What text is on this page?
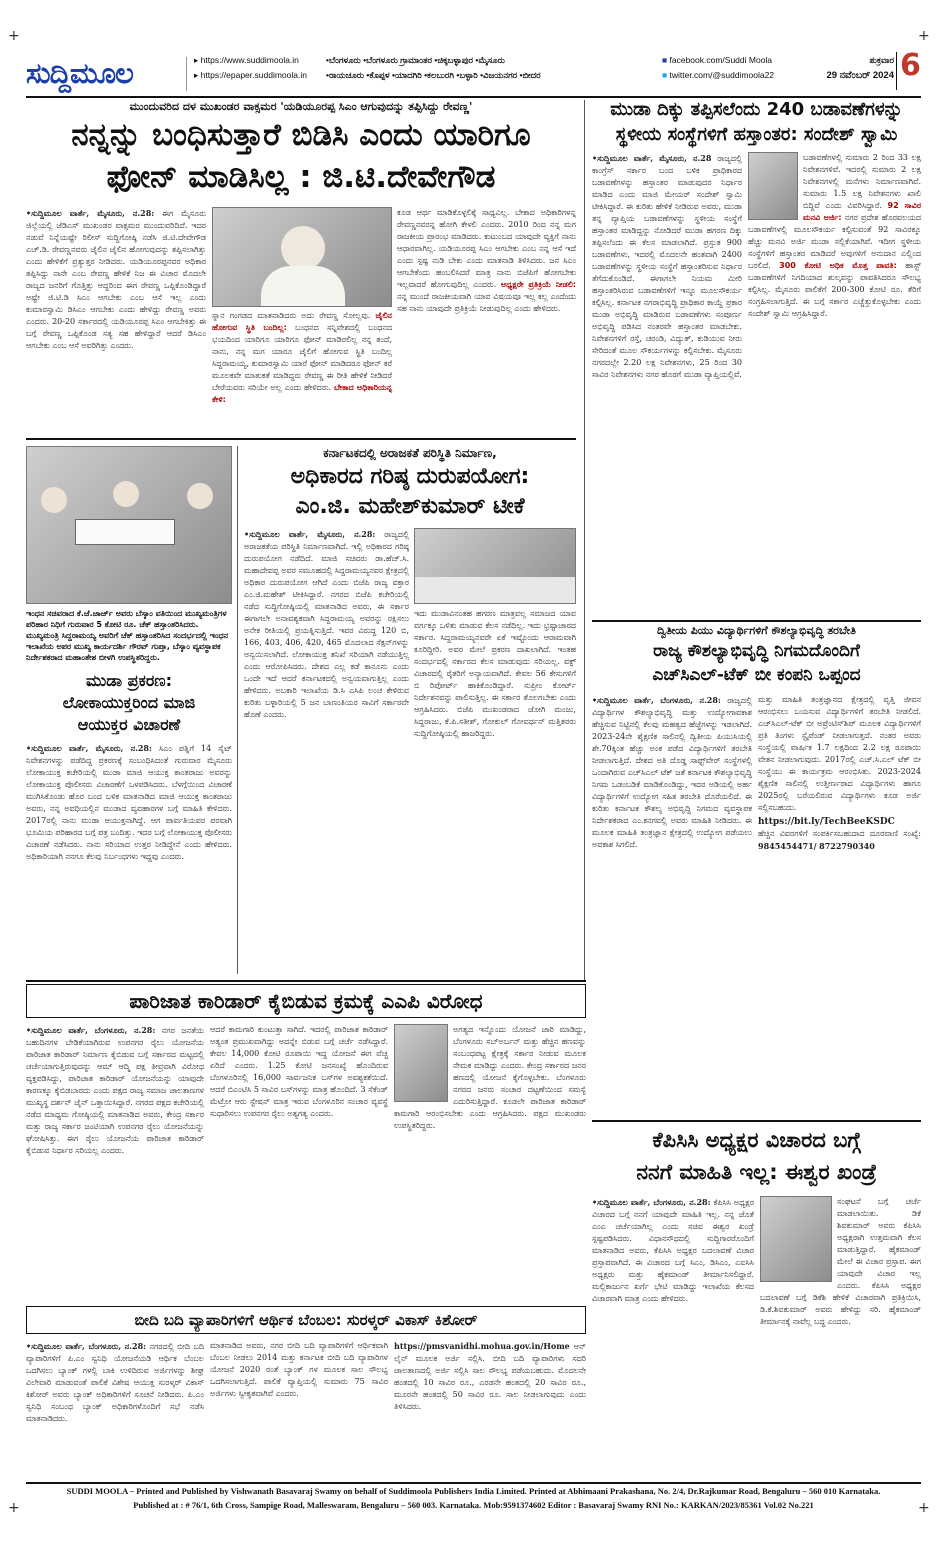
+	+
+	+
ಸುದ್ದಿಮೂಲ	▸ https://www.suddimoola.in
▸ https://epaper.suddimoola.in
•ಬೆಂಗಳೂರು •ಬೆಂಗಳೂರು ಗ್ರಾಮಾಂತರ •ಚಿಕ್ಕಬಳ್ಳಾಪುರ •ಮೈಸೂರು
•ರಾಯಚೂರು •ಕೊಪ್ಪಳ •ಯಾದಗಿರಿ •ಕಲಬುರಗಿ •ಬಳ್ಳಾರಿ •ವಿಜಯನಗರ •ಬೀದರ
■ facebook.com/Suddi Moola
■ twitter.com/@suddimoola22
ಶುಕ್ರವಾರ
29 ನವೆಂಬರ್ 2024 6
ಮುಂದುವರಿದ ದಳ ಮುಖಂಡರ ವಾಕ್ಸಮರ 'ಯಡಿಯೂರಪ್ಪ ಸಿಎಂ ಆಗುವುದನ್ನು ತಪ್ಪಿಸಿದ್ದು ರೇವಣ್ಣ'
ನನ್ನನ್ನು ಬಂಧಿಸುತ್ತಾರೆ ಬಿಡಿಸಿ ಎಂದು ಯಾರಿಗೂ
ಫೋನ್ ಮಾಡಿಸಿಲ್ಲ : ಜಿ.ಟಿ.ದೇವೇಗೌಡ
•ಸುದ್ದಿಮೂಲ ವಾರ್ತೆ, ಮೈಸೂರು, ನ.28: ಈಗ ಮೈಸೂರು ಜಿಲ್ಲೆಯಲ್ಲಿ ಜೆಡಿಎಸ್ ಮುಖಂಡರ ವಾಕ್ಸಮರ ಮುಂದುವರಿದಿದೆ. ಇದರ ನಡುವೆ ನಿನ್ನೆಯಷ್ಟೇ ರಿಲೀಸ್ ಸುದ್ದಿಗೋಷ್ಠಿ ನಡೆಸಿ ಜಿ.ಟಿ.ದೇವೇಗೌಡ ಎಚ್.ಡಿ. ರೇವಣ್ಣನವರು ಜೈಲಿನ ಜೈಲಿನ ಹೋಗುವುದನ್ನು ತಪ್ಪಿಸಲಾಗಿತ್ತು ಎಂದು ಹೇಳಿಕೆಗೆ ಪ್ರತ್ಯುತ್ತರ ನೀಡಿದರು. ಯಡಿಯೂರಪ್ಪನವರ ಅಧಿಕಾರ ತಪ್ಪಿಸಿದ್ದು ನಾನೇ ಎಂಬ ರೇವಣ್ಣ ಹೇಳಿಕೆ ನಿಜ ಈ ವಿಚಾರ ಮೊದಲೇ ರಾಜ್ಯದ ಜನರಿಗೆ ಗೊತ್ತಿತ್ತು ಆದ್ದರಿಂದ ಈಗ ರೇವಣ್ಣ ಒಪ್ಪಿಕೊಂಡಿದ್ದಾರೆ ಅಷ್ಟೇ ಜಿ.ಟಿ.ಡಿ ಸಿಎಂ ಆಗಬೇಕು ಎಂಬ ಆಸೆ ಇಲ್ಲ ಎಂದು ಕುಮಾರಸ್ವಾಮಿ ಡಿಸಿಎಂ ಆಗಬೇಕು ಎಂದು ಹೇಳಿದ್ದು ರೇವಣ್ಣ ಅವರು ಎಂದರು. 20-20 ಸರ್ಕಾರದಲ್ಲಿ ಯಡಿಯೂರಪ್ಪ ಸಿಎಂ ಆಗಬೇಕಿತ್ತು ಈ ಬಗ್ಗೆ ರೇವಣ್ಣ ಒಪ್ಪಿಕೊಂಡ ಸತ್ಯ ಸಹ ಹೇಳಿದ್ದಾರೆ ಆದರೆ ಡಿಸಿಎಂ ಆಗಬೇಕು ಎಂಬ ಆಸೆ ಅವರಿಗಿತ್ತು ಎಂದರು.
ಸ್ನಾನ ಗಂಗಡದ ಮಾತನಾಡಿದರು ಅದು ರೇವಣ್ಣ ಸೋಲ್ಲವು. ಜೈಲಿನ ಹೋಗುವ ಸ್ಥಿತಿ ಬಂದಿಲ್ಲ: ಬಂಧನದ ಸನ್ನಿವೇಶದಲ್ಲಿ ಬಂಧನದ ಭಯದಿಂದ ಯಾರಿಗೂ ಯಾರಿಗೂ ಫೋನ್ ಮಾಡಿರಲಿಲ್ಲ ನನ್ನ ತಂದೆ, ನಾನು, ನನ್ನ ಮಗ ಯಾರೂ ಜೈಲಿಗೆ ಹೋಗುವ ಸ್ಥಿತಿ ಬಂದಿಲ್ಲ ಸಿದ್ದರಾಮಯ್ಯ, ಕುಮಾರಸ್ವಾಮಿ ಯಾರೆ ಫೋನ್ ಮಾಡಿದರೂ ಫೋನ್ ಕರೆ ಮೂಲಕವೇ ಮಾತುಕತೆ ಮಾಡಿದ್ದರು ರೇವಣ್ಣ ಈ ರೀತಿ ಹೇಳಿಕೆ ನೀಡಿದರೆ ಬೇರೆಯವರು ಸರಿಯೇ ಅಲ್ಲ ಎಂದು ಹೇಳಿದರು. ಬೇಕಾದ ಅಧಿಕಾರಿಯನ್ನ ಕೇಳಿ:
ಕೂಡ ಆರ್ಥ ಮಾಡಿಕೊಳ್ಳಲಿಕ್ಕೆ ಸಾಧ್ಯವಿಲ್ಲ. ಬೇಕಾದ ಅಧಿಕಾರಿಗಳನ್ನ ರೇವಣ್ಣನವರನ್ನ ಹೋಗಿ ಕೇಳಲಿ ಎಂದರು. 2010 ರಿಂದ ನನ್ನ ಮಗ ರಾಜಕೀಯ ಪ್ರಾರಂಭ ಮಾಡಿದರು. ಕುಟುಂಬದ ಯಾವುದೇ ವ್ಯಕ್ತಿಗೆ ನಾನು ಆಧಾರವಾಗಿಲ್ಲ. ಯಡಿಯೂರಪ್ಪ ಸಿಎಂ ಆಗಬೇಕು ಎಂಬ ನನ್ನ ಆಸೆ ಇದೆ ಎಂದು ಸ್ಪಷ್ಟ ನುಡಿ ಬೇಕು ಎಂದು ಮಾತನಾಡಿ ತಿಳಿಸಿದರು. ಜನ ಸಿಎಂ ಆಗಬೇಕೆಂದು ಹಂಬಲಿಸಿದರೆ ಮಾತ್ರ ನಾನು ಬಿಜೆಪಿಗೆ ಹೋಗಬೇಕು ಇಲ್ಲವಾದರೆ ಹೋಗುವುದಿಲ್ಲ ಎಂದರು. ಅಧ್ಯಕ್ಷರೇ ಪ್ರತಿಕ್ರಿಯೆ ನೀಡಲಿ: ನನ್ನ ಮುಂದೆ ರಾಜಕೀಯವಾಗಿ ಯಾವ ವಿಷಯವೂ ಇಲ್ಲ ಕಲ್ಲ ಎಂದೆಂದು ಸಹ ನಾನು ಯಾವುದೇ ಪ್ರತಿಕ್ರಿಯೆ ನೀಡುವುದಿಲ್ಲ ಎಂದು ಹೇಳಿದರು.
ಮುಡಾ ದಿಕ್ಕು ತಪ್ಪಿಸಲೆಂದು 240 ಬಡಾವಣೆಗಳನ್ನು
ಸ್ಥಳೀಯ ಸಂಸ್ಥೆಗಳಿಗೆ ಹಸ್ತಾಂತರ: ಸಂದೇಶ್ ಸ್ವಾಮಿ
•ಸುದ್ದಿಮೂಲ ವಾರ್ತೆ, ಮೈಸೂರು, ನ.28 ರಾಜ್ಯದಲ್ಲಿ ಕಾಂಗ್ರೆಸ್ ಸರ್ಕಾರ ಬಂದ ಬಳಿಕ ಪ್ರಾಧಿಕಾರದ ಬಡಾವಣೆಗಳನ್ನು ಹಸ್ತಾಂತರ ಮಾಡುವುದರ ನಿರ್ಧಾರ ಮಾಡಿದ ಎಂದು ಮಾಜಿ ಮೇಯರ್ ಸಂದೇಶ್ ಸ್ವಾಮಿ ಟೀಕಿಸಿದ್ದಾರೆ. ಈ ಕುರಿತು ಹೇಳಿಕೆ ನೀಡಿರುವ ಅವರು, ಮುಡಾ ತನ್ನ ವ್ಯಾಪ್ತಿಯ ಬಡಾವಣೆಗಳನ್ನು ಸ್ಥಳೀಯ ಸಂಸ್ಥೆಗೆ ಹಸ್ತಾಂತರ ಮಾಡಿದ್ದನ್ನು ನೋಡಿದರೆ ಮುಡಾ ಹಗರಣ ದಿಕ್ಕು ತಪ್ಪಿಸಲೆಂದು ಈ ಕೆಲಸ ಮಾಡಲಾಗಿದೆ. ಪ್ರಸ್ತುತ 900 ಬಡಾವಣೆಗಳು, ಇದರಲ್ಲಿ ಮೊದಲನೇ ಹಂತವಾಗಿ 2400 ಬಡಾವಣೆಗಳನ್ನು ಸ್ಥಳೀಯ ಸಂಸ್ಥೆಗೆ ಹಸ್ತಾಂತರಿಸುವ ನಿರ್ಧಾರ ತೆಗೆದುಕೊಂಡಿದೆ. ಈಗಾಗಲೇ ನಿಯಮ ಮೀರಿ ಹಸ್ತಾಂತರಿಸಿರುವ ಬಡಾವಣೆಗಳಿಗೆ ಇನ್ನೂ ಮೂಲಸೌಕರ್ಯ ಕಲ್ಪಿಸಿಲ್ಲ. ಕರ್ನಾಟಕ ನಗರಾಭಿವೃದ್ಧಿ ಪ್ರಾಧಿಕಾರ ಕಾಯ್ದೆ ಪ್ರಕಾರ ಮುಡಾ ಅಭಿವೃದ್ಧಿ ಮಾಡಿರುವ ಬಡಾವಣೆಗಳು ಸಂಪೂರ್ಣ ಅಭಿವೃದ್ಧಿ ಪಡಿಸಿದ ನಂತರವೇ ಹಸ್ತಾಂತರ ಮಾಡಬೇಕು. ನಿವೇಶನಗಳಿಗೆ ರಸ್ತೆ, ಚರಂಡಿ, ವಿದ್ಯುತ್, ಕುಡಿಯುವ ನೀರು ಸೇರಿದಂತೆ ಮೂಲ ಸೌಕರ್ಯಗಳನ್ನು ಕಲ್ಪಿಸಬೇಕು. ಮೈಸೂರು ನಗರದಲ್ಲೇ 2.20 ಲಕ್ಷ ನಿವೇಶನಗಳು, 25 ರಿಂದ 30 ಸಾವಿರ ನಿವೇಶನಗಳು ನಗರ ಹೊರಗೆ ಮುಡಾ ವ್ಯಾಪ್ತಿಯಲ್ಲಿವೆ.
ಬಡಾವಣೆಗಳಲ್ಲಿ ಸುಮಾರು 2 ರಿಂದ 33 ಲಕ್ಷ ನಿವೇಶನಗಳಿವೆ. ಇದರಲ್ಲಿ ಸುಮಾರು 2 ಲಕ್ಷ ನಿವೇಶನಗಳಲ್ಲಿ ಮನೆಗಳು ನಿರ್ಮಾಣವಾಗಿವೆ. ಸುಮಾರು 1.5 ಲಕ್ಷ ನಿವೇಶನಗಳು ಖಾಲಿ ಬಿದ್ದಿವೆ ಎಂದು ವಿವರಿಸಿದ್ದಾರೆ. 92 ಸಾವಿರ ಮನವಿ ಅರ್ಜಿ: ನಗರ ಪ್ರದೇಶ ಹೊರವಲಯದ ಬಡಾವಣೆಗಳಲ್ಲಿ ಮೂಲಸೌಕರ್ಯ ಕಲ್ಪಿಸುವಂತೆ 92 ಸಾವಿರಕ್ಕೂ ಹೆಚ್ಚು ಮನವಿ ಅರ್ಜಿ ಮುಡಾ ಸಲ್ಲಿಕೆಯಾಗಿವೆ. ಇದೀಗ ಸ್ಥಳೀಯ ಸಂಸ್ಥೆಗಳಿಗೆ ಹಸ್ತಾಂತರ ಮಾಡಿದರೆ ಅವುಗಳಿಗೆ ಅನುದಾನ ಎಲ್ಲಿಂದ ಬರಲಿದೆ. 300 ಕೋಟಿ ಅಧಿಕ ಮೊತ್ತ ಪಾವತಿ: ಹಾಸ್ಟ್ ಬಡಾವಣೆಗಳಿಗೆ ನಿಗದಿಯಾದ ಶುಲ್ಕವನ್ನು ಪಾವತಿಸಿದರೂ ಸೌಲಭ್ಯ ಕಲ್ಪಿಸಿಲ್ಲ. ಮೈಸೂರು ಪಾಲಿಕೆಗೆ 200-300 ಕೋಟಿ ರೂ. ತೆರಿಗೆ ಸಂಗ್ರಹಿಸಲಾಗುತ್ತಿದೆ. ಈ ಬಗ್ಗೆ ಸರ್ಕಾರ ಎಚ್ಚೆತ್ತುಕೊಳ್ಳಬೇಕು ಎಂದು ಸಂದೇಶ್ ಸ್ವಾಮಿ ಆಗ್ರಹಿಸಿದ್ದಾರೆ.
ಇಂಧನ ಸಚಿವರಾದ ಕೆ.ಜೆ.ಜಾರ್ಜ್ ಅವರು ಬೆಸ್ಕಾಂ ವತಿಯಿಂದ ಮುಖ್ಯಮಂತ್ರಿಗಳ ಪರಿಹಾರ ನಿಧಿಗೆ ಗುರುವಾರ 5 ಕೋಟಿ ರೂ. ಚೆಕ್ ಹಸ್ತಾಂತರಿಸಿದರು. ಮುಖ್ಯಮಂತ್ರಿ ಸಿದ್ದರಾಮಯ್ಯ ಅವರಿಗೆ ಚೆಕ್ ಹಸ್ತಾಂತರಿಸಿದ ಸಂದರ್ಭದಲ್ಲಿ ಇಂಧನ ಇಲಾಖೆಯ ಅಪರ ಮುಖ್ಯ ಕಾರ್ಯದರ್ಶಿ ಗೌರವ್ ಗುಪ್ತಾ, ಬೆಸ್ಕಾಂ ವ್ಯವಸ್ಥಾಪಕ ನಿರ್ದೇಶಕರಾದ ಮಹಾಂತೇಶ ಬೀಳಗಿ ಉಪಸ್ಥಿತರಿದ್ದರು.
ಮುಡಾ ಪ್ರಕರಣ:
ಲೋಕಾಯುಕ್ತರಿಂದ ಮಾಜಿ
ಆಯುಕ್ತರ ವಿಚಾರಣೆ
•ಸುದ್ದಿಮೂಲ ವಾರ್ತೆ, ಮೈಸೂರು, ನ.28: ಸಿಎಂ ಪತ್ನಿಗೆ 14 ಸೈಟ್ ನಿವೇಶನಗಳನ್ನು ಪಡೆದಿದ್ದ ಪ್ರಕರಣಕ್ಕೆ ಸಂಬಂಧಿಸಿದಂತೆ ಗುರುವಾರ ಮೈಸೂರು ಲೋಕಾಯುಕ್ತ ಕಚೇರಿಯಲ್ಲಿ ಮುಡಾ ಮಾಜಿ ಆಯುಕ್ತ ಕಾಂತರಾಜು ಅವರನ್ನು ಲೋಕಾಯುಕ್ತ ಪೊಲೀಸರು ವಿಚಾರಣೆಗೆ ಒಳಪಡಿಸಿದರು. ಬೆಳಗ್ಗೆಯಿಂದ ವಿಚಾರಣೆ ಮುಗಿಸಿಕೊಂಡು ಹೊರ ಬಂದ ಬಳಿಕ ಮಾತನಾಡಿದ ಮಾಜಿ ಆಯುಕ್ತ ಕಾಂತರಾಜು ಅವರು, ನನ್ನ ಅವಧಿಯಲ್ಲಿನ ಮುಡಾದ ವ್ಯವಹಾರಗಳ ಬಗ್ಗೆ ಮಾಹಿತಿ ಕೇಳಿದರು. 2017ರಲ್ಲಿ ನಾನು ಮುಡಾ ಆಯುಕ್ತನಾಗಿದ್ದೆ. ಆಗ ಪಾರ್ವತಿಯವರ ಪರವಾಗಿ ಭೂಮಿಯ ಪರಿಹಾರದ ಬಗ್ಗೆ ಪತ್ರ ಬಂದಿತ್ತು. ಇದರ ಬಗ್ಗೆ ಲೋಕಾಯುಕ್ತ ಪೊಲೀಸರು ವಿಚಾರಣೆ ನಡೆಸಿದರು. ನಾನು ಸರಿಯಾದ ಉತ್ತರ ನೀಡಿದ್ದೇನೆ ಎಂದು ಹೇಳಿದರು. ಅಧಿಕಾರಿಯಾಗಿ ನನಗೂ ಕೆಲವು ನಿರ್ಬಂಧಗಳು ಇದ್ದವು ಎಂದರು.
ಕರ್ನಾಟಕದಲ್ಲಿ ಅರಾಜಕತೆ ಪರಿಸ್ಥಿತಿ ನಿರ್ಮಾಣ,
ಅಧಿಕಾರದ ಗರಿಷ್ಠ ದುರುಪಯೋಗ:
ಎಂ.ಜಿ. ಮಹೇಶ್‌ಕುಮಾರ್ ಟೀಕೆ
•ಸುದ್ದಿಮೂಲ ವಾರ್ತೆ, ಮೈಸೂರು, ನ.28: ರಾಜ್ಯದಲ್ಲಿ ಅರಾಜಕತೆಯ ಪರಿಸ್ಥಿತಿ ನಿರ್ಮಾಣವಾಗಿದೆ. ಇಲ್ಲಿ ಅಧಿಕಾರದ ಗರಿಷ್ಠ ದುರುಪಯೋಗ ನಡೆದಿದೆ. ಮಾಜಿ ಸಚಿವರು ಡಾ.ಹೆಚ್.ಸಿ. ಮಹಾದೇವಪ್ಪ ಅವರ ಸಮೂಹದಲ್ಲಿ ಸಿದ್ದರಾಮಯ್ಯನವರ ಕ್ಷೇತ್ರದಲ್ಲಿ ಅಧಿಕಾರ ದುರುಪಯೋಗ ಆಗಿದೆ ಎಂದು ಬಿಜೆಪಿ ರಾಜ್ಯ ವಕ್ತಾರ ಎಂ.ಜಿ.ಮಹೇಶ್ ಟೀಕಿಸಿದ್ದಾರೆ. ನಗರದ ಬಿಜೆಪಿ ಕಚೇರಿಯಲ್ಲಿ ನಡೆದ ಸುದ್ದಿಗೋಷ್ಠಿಯಲ್ಲಿ ಮಾತನಾಡಿದ ಅವರು, ಈ ಸರ್ಕಾರ ಈಗಾಗಲೇ ಅನಾವಶ್ಯಕವಾಗಿ ಸಿದ್ದರಾಮಯ್ಯ ಅವರನ್ನು ರಕ್ಷಿಸಲು ಅನೇಕ ರೀತಿಯಲ್ಲಿ ಪ್ರಯತ್ನಿಸುತ್ತಿದೆ. ಇವರ ವಿರುದ್ಧ 120 ಬಿ, 166, 403, 406, 420, 465 ಮೊದಲಾದ ಸೆಕ್ಷನ್‌ಗಳನ್ನು ಅನ್ವಯಿಸಲಾಗಿದೆ. ಲೋಕಾಯುಕ್ತ ತನಿಖೆ ಸರಿಯಾಗಿ ನಡೆಯುತ್ತಿಲ್ಲ ಎಂದು ಆರೋಪಿಸಿದರು. ದೇಶದ ಎಲ್ಲ ಕಡೆ ಕಾನೂನು ಎಂದು ಒಂದೇ ಇದೆ ಆದರೆ ಕರ್ನಾಟಕದಲ್ಲಿ ಅನ್ವಯವಾಗುತ್ತಿಲ್ಲ ಎಂದು ಹೇಳಿದರು. ಅಬಕಾರಿ ಇಲಾಖೆಯ ಡಿ.ಸಿ ಎಸಿಪಿ ಲಂಚ ಕೇಳಿರುವ ಕುರಿತು ಬಳ್ಳಾರಿಯಲ್ಲಿ 5 ಜನ ಬಾಣಂತಿಯರ ಸಾವಿಗೆ ಸರ್ಕಾರವೇ ಹೊಣೆ ಎಂದರು.
ಇದು ಮುಡಾವಿನಂತಹ ಹಗರಣ ಮಾತ್ರವಲ್ಲ ಸಮಾಜದ ಯಾವ ವರ್ಗಕ್ಕೂ ಒಳಿತು ಮಾಡುವ ಕೆಲಸ ನಡೆದಿಲ್ಲ. ಇದು ಭ್ರಷ್ಟಾಚಾರದ ಸರ್ಕಾರ. ಸಿದ್ದರಾಮಯ್ಯನವರೇ ಏಕೆ ಇಷ್ಟೊಂದು ಆರಾಮವಾಗಿ ಕೂರಿದ್ದೀರಿ. ಅವರ ಮೇಲೆ ಪ್ರಕರಣ ದಾಖಲಾಗಿದೆ. ಇಂತಹ ಸಂದರ್ಭದಲ್ಲಿ ಸರ್ಕಾರದ ಕೆಲಸ ಮಾಡುವುದು ಸರಿಯಲ್ಲ. ವಕ್ಫ್ ವಿಚಾರದಲ್ಲಿ ರೈತರಿಗೆ ಅನ್ಯಾಯವಾಗಿದೆ. ಕೇವಲ 56 ಕೇಸುಗಳಿಗೆ ಬಿ ರಿಪೋರ್ಟ್ ಹಾಕಿಕೊಂಡಿದ್ದಾರೆ. ಸುಪ್ರೀಂ ಕೋರ್ಟ್ ನಿರ್ದೇಶನವನ್ನು ಪಾಲಿಸುತ್ತಿಲ್ಲ. ಈ ಸರ್ಕಾರ ತೊಲಗಬೇಕು ಎಂದು ಆಗ್ರಹಿಸಿದರು. ಬಿಜೆಪಿ ಮುಖಂಡರಾದ ಜೋಗಿ ಮಂಜು, ಸಿದ್ದರಾಜು, ಕೆ.ಪಿ.ಸತೀಶ್, ಗೋಕುಲ್ ಗೋವರ್ಧನ್ ಮತ್ತಿತರರು ಸುದ್ದಿಗೋಷ್ಠಿಯಲ್ಲಿ ಹಾಜರಿದ್ದರು.
ದ್ವಿತೀಯ ಪಿಯು ವಿದ್ಯಾರ್ಥಿಗಳಿಗೆ ಕೌಶಲ್ಯಾಭಿವೃದ್ಧಿ ತರಬೇತಿ
ರಾಜ್ಯ ಕೌಶಲ್ಯಾಭಿವೃದ್ಧಿ ನಿಗಮದೊಂದಿಗೆ
ಎಚ್‌ಸಿಎಲ್-ಟೆಕ್ ಬೀ ಕಂಪನಿ ಒಪ್ಪಂದ
•ಸುದ್ದಿಮೂಲ ವಾರ್ತೆ, ಬೆಂಗಳೂರು, ನ.28: ರಾಜ್ಯದಲ್ಲಿ ವಿದ್ಯಾರ್ಥಿಗಳ ಕೌಶಲ್ಯಾಭಿವೃದ್ಧಿ ಮತ್ತು ಉದ್ಯೋಗಾವಕಾಶ ಹೆಚ್ಚಿಸುವ ನಿಟ್ಟಿನಲ್ಲಿ ಕೆಲವು ಮಹತ್ವದ ಹೆಜ್ಜೆಗಳನ್ನು ಇಡಲಾಗಿದೆ. 2023-24ನೇ ಶೈಕ್ಷಣಿಕ ಸಾಲಿನಲ್ಲಿ ದ್ವಿತೀಯ ಪಿಯುಸಿಯಲ್ಲಿ ಶೇ.70ಕ್ಕಿಂತ ಹೆಚ್ಚು ಅಂಕ ಪಡೆದ ವಿದ್ಯಾರ್ಥಿಗಳಿಗೆ ತರಬೇತಿ ನೀಡಲಾಗುತ್ತಿದೆ. ದೇಶದ ಅತಿ ದೊಡ್ಡ ಸಾಫ್ಟ್‌ವೇರ್ ಸಂಸ್ಥೆಗಳಲ್ಲಿ ಒಂದಾಗಿರುವ ಎಚ್‌ಸಿಎಲ್ ಟೆಕ್ ಜತೆ ಕರ್ನಾಟಕ ಕೌಶಲ್ಯಾಭಿವೃದ್ಧಿ ನಿಗಮ ಒಡಂಬಡಿಕೆ ಮಾಡಿಕೊಂಡಿದ್ದು, ಇದರ ಅಡಿಯಲ್ಲಿ ಅರ್ಹ ವಿದ್ಯಾರ್ಥಿಗಳಿಗೆ ಉದ್ಯೋಗ ಸಹಿತ ತರಬೇತಿ ದೊರೆಯಲಿದೆ. ಈ ಕುರಿತು ಕರ್ನಾಟಕ ಕೌಶಲ್ಯ ಅಭಿವೃದ್ಧಿ ನಿಗಮದ ವ್ಯವಸ್ಥಾಪಕ ನಿರ್ದೇಶಕರಾದ ಎಂ.ಕನಗವಲ್ಲಿ ಅವರು ಮಾಹಿತಿ ನೀಡಿದರು. ಈ ಮೂಲಕ ಮಾಹಿತಿ ತಂತ್ರಜ್ಞಾನ ಕ್ಷೇತ್ರದಲ್ಲಿ ಉದ್ಯೋಗ ಪಡೆಯಲು ಅವಕಾಶ ಸಿಗಲಿದೆ.
ಮತ್ತು ಮಾಹಿತಿ ತಂತ್ರಜ್ಞಾನದ ಕ್ಷೇತ್ರದಲ್ಲಿ ವೃತ್ತಿ ಜೀವನ ಆರಂಭಿಸಲು ಬಯಸುವ ವಿದ್ಯಾರ್ಥಿಗಳಿಗೆ ತರಬೇತಿ ನೀಡಲಿದೆ. ಎಚ್‌ಸಿಎಲ್-ಟೆಕ್ ಬೀ ಅಪ್ರೆಂಟಿಸ್‌ಶಿಪ್ ಮೂಲಕ ವಿದ್ಯಾರ್ಥಿಗಳಿಗೆ ಪ್ರತಿ ತಿಂಗಳು ಸ್ಟೈಪೆಂಡ್ ನೀಡಲಾಗುತ್ತದೆ. ನಂತರ ಅವರು ಸಂಸ್ಥೆಯಲ್ಲಿ ವಾರ್ಷಿಕ 1.7 ಲಕ್ಷದಿಂದ 2.2 ಲಕ್ಷ ರೂಪಾಯಿ ವೇತನ ನೀಡಲಾಗುವುದು. 2017ರಲ್ಲಿ ಎಚ್.ಸಿ.ಎಲ್ ಟೆಕ್ ಬೀ ಸಂಸ್ಥೆಯು ಈ ಕಾರ್ಯಕ್ರಮ ಆರಂಭಿಸಿತು. 2023-2024 ಶೈಕ್ಷಣಿಕ ಸಾಲಿನಲ್ಲಿ ಉತ್ತೀರ್ಣರಾದ ವಿದ್ಯಾರ್ಥಿಗಳು ಹಾಗೂ 2025ರಲ್ಲಿ ಬರೆಯಲಿರುವ ವಿದ್ಯಾರ್ಥಿಗಳು ಕೂಡ ಅರ್ಜಿ ಸಲ್ಲಿಸಬಹುದು.
https://bit.ly/TechBeeKSDC
ಹೆಚ್ಚಿನ ವಿವರಗಳಿಗೆ ಸಂಪರ್ಕಿಸಬಹುದಾದ ದೂರವಾಣಿ ಸಂಖ್ಯೆ: 9845454471/ 8722790340
ಪಾರಿಜಾತ ಕಾರಿಡಾರ್ ಕೈಬಿಡುವ ಕ್ರಮಕ್ಕೆ ಎಎಪಿ ವಿರೋಧ
•ಸುದ್ದಿಮೂಲ ವಾರ್ತೆ, ಬೆಂಗಳೂರು, ನ.28: ನಗರ ಜನತೆಯ ಬಹುದಿನಗಳ ಬೇಡಿಕೆಯಾಗಿರುವ ಉಪನಗರ ರೈಲು ಯೋಜನೆಯ ಪಾರಿಜಾತ ಕಾರಿಡಾರ್ ನಿರ್ಮಾಣ ಕೈಬಿಡುವ ಬಗ್ಗೆ ಸರ್ಕಾರದ ಮಟ್ಟದಲ್ಲಿ ಚರ್ಚೆಯಾಗುತ್ತಿರುವುದನ್ನು ಆಮ್ ಆದ್ಮಿ ಪಕ್ಷ ತೀವ್ರವಾಗಿ ವಿರೋಧ ವ್ಯಕ್ತಪಡಿಸಿದ್ದು, ಪಾರಿಜಾತ ಕಾರಿಡಾರ್ ಯೋಜನೆಯನ್ನು ಯಾವುದೇ ಕಾರಣಕ್ಕೂ ಕೈಬಿಡಬಾರದು ಎಂದು ಪಕ್ಷದ ರಾಜ್ಯ ಸಮಾಜ ಜಾಲತಾಣಗಳ ಮುಖ್ಯಸ್ಥ ದರ್ಶನ್ ಜೈನ್ ಒತ್ತಾಯಿಸಿದ್ದಾರೆ. ನಗರದ ಪಕ್ಷದ ಕಚೇರಿಯಲ್ಲಿ ನಡೆದ ಮಾಧ್ಯಮ ಗೋಷ್ಠಿಯಲ್ಲಿ ಮಾತನಾಡಿದ ಅವರು, ಕೇಂದ್ರ ಸರ್ಕಾರ ಮತ್ತು ರಾಜ್ಯ ಸರ್ಕಾರ ಜಂಟಿಯಾಗಿ ಉಪನಗರ ರೈಲು ಯೋಜನೆಯನ್ನು ಘೋಷಿಸಿತ್ತು. ಈಗ ರೈಲು ಯೋಜನೆಯ ಪಾರಿಜಾತ ಕಾರಿಡಾರ್ ಕೈಬಿಡುವ ನಿರ್ಧಾರ ಸರಿಯಲ್ಲ ಎಂದರು.
ಆದರೆ ಕಾಮಗಾರಿ ಕುಂಟುತ್ತಾ ಸಾಗಿದೆ. ಇದರಲ್ಲಿ ಪಾರಿಜಾತ ಕಾರಿಡಾರ್ ಅತ್ಯಂತ ಪ್ರಮುಖವಾಗಿದ್ದು ಅದನ್ನೇ ಬಿಡುವ ಬಗ್ಗೆ ಚರ್ಚೆ ನಡೆಸಿದ್ದಾರೆ. ಕೇವಲ 14,000 ಕೋಟಿ ರೂಪಾಯಿ ಇದ್ದ ಯೋಜನೆ ಈಗ ವೆಚ್ಚ ಏರಿದೆ ಎಂದರು. 1.25 ಕೋಟಿ ಜನಸಂಖ್ಯೆ ಹೊಂದಿರುವ ಬೆಂಗಳೂರಿನಲ್ಲಿ 16,000 ಸಾರ್ವಜನಿಕ ಬಸ್‌ಗಳ ಅವಶ್ಯಕತೆಯಿದೆ. ಆದರೆ ಬಿಎಂಟಿಸಿ 5 ಸಾವಿರ ಬಸ್‌ಗಳನ್ನು ಮಾತ್ರ ಹೊಂದಿದೆ. 3 ಸೆಕೆಂಡ್ ಮೆಟ್ರೋ ಆರು ಸ್ಟೇಷನ್ ಮಾತ್ರ ಇರುವ ಬೆಂಗಳೂರಿನ ಸಂಚಾರ ವ್ಯವಸ್ಥೆ ಸುಧಾರಿಸಲು ಉಪನಗರ ರೈಲು ಅತ್ಯಗತ್ಯ ಎಂದರು.
ಅಗತ್ಯದ ಇನ್ನೊಂದು ಯೋಜನೆ ಜಾರಿ ಮಾಡಿದ್ದು, ಬೆಂಗಳೂರು ಸಬ್‌ಅರ್ಬನ್ ಮತ್ತು ಹೆಚ್ಚಿನ ಹಣವನ್ನು ಸಂಬಂಧಪಟ್ಟ ಕ್ಷೇತ್ರಕ್ಕೆ ಸರ್ಕಾರ ನೀಡುವ ಮೂಲಕ ನೇಮಕ ಮಾಡಿದ್ದು ಎಂದರು. ಕೇಂದ್ರ ಸರ್ಕಾರದ ಜನರ ಹಣದಲ್ಲಿ ಯೋಜನೆ ಕೈಗೊಳ್ಳಬೇಕು. ಬೆಂಗಳೂರು ನಗರದ ಜನರು ಸಂಚಾರ ದಟ್ಟಣೆಯಿಂದ ಸಮಸ್ಯೆ ಎದುರಿಸುತ್ತಿದ್ದಾರೆ. ಕೂಡಲೇ ಪಾರಿಜಾತ ಕಾರಿಡಾರ್ ಕಾಮಗಾರಿ ಆರಂಭಿಸಬೇಕು ಎಂದು ಆಗ್ರಹಿಸಿದರು. ಪಕ್ಷದ ಮುಖಂಡರು ಉಪಸ್ಥಿತರಿದ್ದರು.
ಕೆಪಿಸಿಸಿ ಅಧ್ಯಕ್ಷರ ವಿಚಾರದ ಬಗ್ಗೆ
ನನಗೆ ಮಾಹಿತಿ ಇಲ್ಲ: ಈಶ್ವರ ಖಂಡ್ರೆ
•ಸುದ್ದಿಮೂಲ ವಾರ್ತೆ, ಬೆಂಗಳೂರು, ನ.28: ಕೆಪಿಸಿಸಿ ಅಧ್ಯಕ್ಷರ ವಿಚಾರದ ಬಗ್ಗೆ ನನಗೆ ಯಾವುದೇ ಮಾಹಿತಿ ಇಲ್ಲ. ನನ್ನ ಜೊತೆ ಎಂಎ ಚರ್ಚೆಯಾಗಿಲ್ಲ ಎಂದು ಸಚಿವ ಈಶ್ವರ ಖಂಡ್ರೆ ಸ್ಪಷ್ಟಪಡಿಸಿದರು. ವಿಧಾನಸೌಧದಲ್ಲಿ ಸುದ್ದಿಗಾರರೊಂದಿಗೆ ಮಾತನಾಡಿದ ಅವರು, ಕೆಪಿಸಿಸಿ ಅಧ್ಯಕ್ಷರ ಬದಲಾವಣೆ ವಿಚಾರ ಪ್ರಸ್ತಾಪವಾಗಿದೆ. ಈ ವಿಚಾರದ ಬಗ್ಗೆ ಸಿಎಂ, ಡಿಸಿಎಂ, ಎಐಸಿಸಿ ಅಧ್ಯಕ್ಷರು ಮತ್ತು ಹೈಕಮಾಂಡ್ ತೀರ್ಮಾನಿಸಲಿದ್ದಾರೆ. ಮಲ್ಲಿಕಾರ್ಜುನ ಖರ್ಗೆ ಭೇಟಿ ಮಾಡಿದ್ದು ಇಲಾಖೆಯ ಕೆಲಸದ ವಿಚಾರವಾಗಿ ಮಾತ್ರ ಎಂದು ಹೇಳಿದರು.
ಸಂಘಟನೆ ಬಗ್ಗೆ ಚರ್ಚೆ ಮಾಡಲಾಯಿತು. ಡಿಕೆ ಶಿವಕುಮಾರ್ ಅವರು ಕೆಪಿಸಿಸಿ ಅಧ್ಯಕ್ಷರಾಗಿ ಉತ್ತಮವಾಗಿ ಕೆಲಸ ಮಾಡುತ್ತಿದ್ದಾರೆ. ಹೈಕಮಾಂಡ್ ಮೇಲೆ ಈ ವಿಚಾರ ಪ್ರಸ್ತಾಪ. ಈಗ ಯಾವುದೇ ವಿಚಾರ ಇಲ್ಲ ಎಂದರು. ಕೆಪಿಸಿಸಿ ಅಧ್ಯಕ್ಷರ ಬದಲಾವಣೆ ಬಗ್ಗೆ ಡಿಕೆಶಿ ಹೇಳಿಕೆ ವಿಚಾರವಾಗಿ ಪ್ರತಿಕ್ರಿಯಿಸಿ, ಡಿ.ಕೆ.ಶಿವಕುಮಾರ್ ಅವರು ಹೇಳಿದ್ದು ಸರಿ. ಹೈಕಮಾಂಡ್ ತೀರ್ಮಾನಕ್ಕೆ ನಾವೆಲ್ಲ ಬದ್ಧ ಎಂದರು.
ಬೀದಿ ಬದಿ ವ್ಯಾಪಾರಿಗಳಿಗೆ ಆರ್ಥಿಕ ಬೆಂಬಲ: ಸುರಳ್ಕರ್ ವಿಕಾಸ್ ಕಿಶೋರ್
•ಸುದ್ದಿಮೂಲ ವಾರ್ತೆ, ಬೆಂಗಳೂರು, ನ.28: ನಗರದಲ್ಲಿ ಬೀದಿ ಬದಿ ವ್ಯಾಪಾರಿಗಳಿಗೆ ಪಿ.ಎಂ ಸ್ವನಿಧಿ ಯೋಜನೆಯಡಿ ಆರ್ಥಿಕ ಬೆಂಬಲ ಒದಗಿಸಲು ಬ್ಯಾಂಕ್ ಗಳಲ್ಲಿ ಬಾಕಿ ಉಳಿದಿರುವ ಅರ್ಜಿಗಳನ್ನು ಶೀಘ್ರ ವಿಲೇವಾರಿ ಮಾಡುವಂತೆ ಪಾಲಿಕೆ ವಿಶೇಷ ಆಯುಕ್ತ ಸುರಳ್ಕರ್ ವಿಕಾಸ್ ಕಿಶೋರ್ ಅವರು ಬ್ಯಾಂಕ್ ಅಧಿಕಾರಿಗಳಿಗೆ ಸೂಚನೆ ನೀಡಿದರು. ಪಿ.ಎಂ ಸ್ವನಿಧಿ ಸಂಬಂಧ ಬ್ಯಾಂಕ್ ಅಧಿಕಾರಿಗಳೊಂದಿಗೆ ಸಭೆ ನಡೆಸಿ ಮಾತನಾಡಿದರು.
ಮಾತನಾಡಿದ ಅವರು, ನಗರ ಬೀದಿ ಬದಿ ವ್ಯಾಪಾರಿಗಳಿಗೆ ಆರ್ಥಿಕವಾಗಿ ಬೆಂಬಲ ನೀಡಲು 2014 ಮತ್ತು ಕರ್ನಾಟಕ ಬೀದಿ ಬದಿ ವ್ಯಾಪಾರಿಗಳ ಯೋಜನೆ 2020 ರಂತೆ ಬ್ಯಾಂಕ್ ಗಳ ಮೂಲಕ ಸಾಲ ಸೌಲಭ್ಯ ಒದಗಿಸಲಾಗುತ್ತಿದೆ. ಪಾಲಿಕೆ ವ್ಯಾಪ್ತಿಯಲ್ಲಿ ಸುಮಾರು 75 ಸಾವಿರ ಅರ್ಜಿಗಳು ಸ್ವೀಕೃತವಾಗಿವೆ ಎಂದರು.
https://pmsvanidhi.mohua.gov.in/Home ಆನ್ ಲೈನ್ ಮೂಲಕ ಅರ್ಜಿ ಸಲ್ಲಿಸಿ. ಬೀದಿ ಬದಿ ವ್ಯಾಪಾರಿಗಳು ಸದರಿ ಜಾಲತಾಣದಲ್ಲಿ ಅರ್ಜಿ ಸಲ್ಲಿಸಿ ಸಾಲ ಸೌಲಭ್ಯ ಪಡೆಯಬಹುದು. ಮೊದಲನೇ ಹಂತದಲ್ಲಿ 10 ಸಾವಿರ ರೂ., ಎರಡನೇ ಹಂತದಲ್ಲಿ 20 ಸಾವಿರ ರೂ., ಮೂರನೇ ಹಂತದಲ್ಲಿ 50 ಸಾವಿರ ರೂ. ಸಾಲ ನೀಡಲಾಗುವುದು ಎಂದು ತಿಳಿಸಿದರು.
SUDDI MOOLA – Printed and Published by Vishwanath Basavaraj Swamy on behalf of Suddimoola Publishers India Limited. Printed at Abhimaani Prakashana, No. 2/4, Dr.Rajkumar Road, Bengaluru – 560 010 Karnataka.
Published at : # 76/1, 6th Cross, Sampige Road, Malleswaram, Bengaluru – 560 003. Karnataka. Mob:9591374602 Editor : Basavaraj Swamy RNI No.: KARKAN/2023/85361 Vol.02 No.221
